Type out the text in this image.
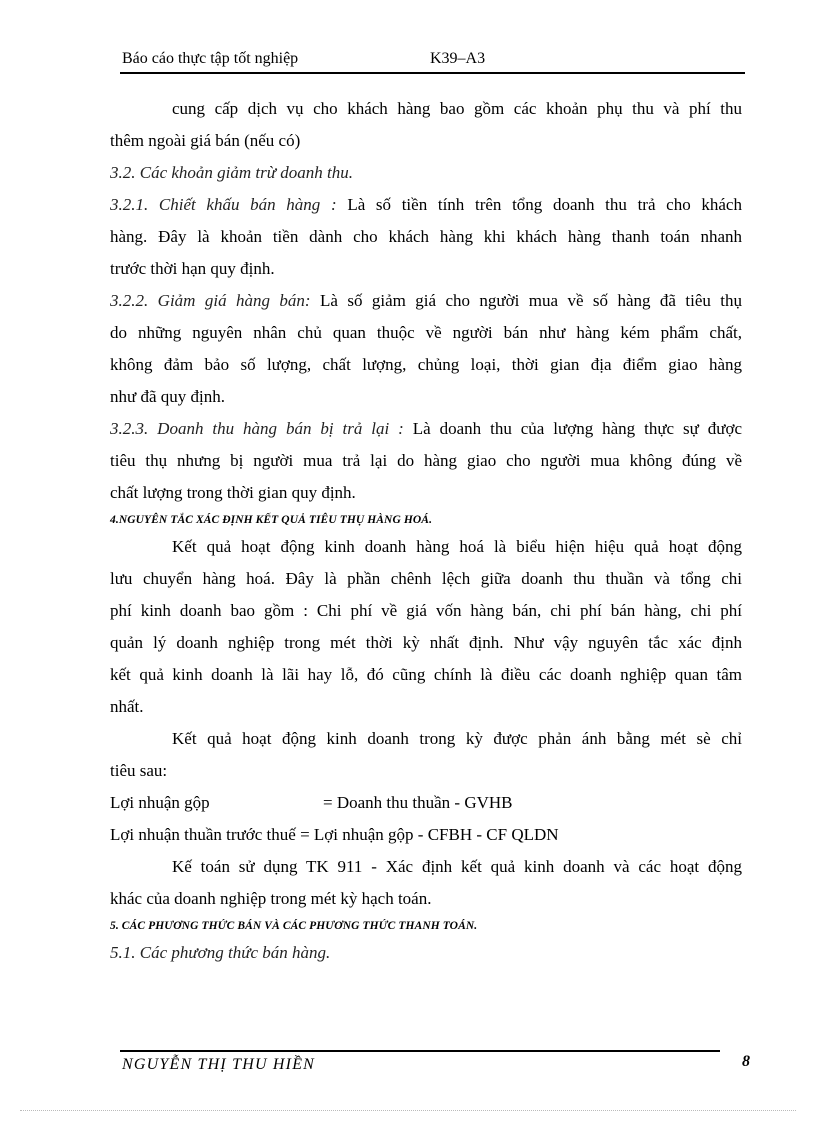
Báo cáo thực tập tốt nghiệp	K39–A3
cung cấp dịch vụ cho khách hàng bao gồm các khoản phụ thu và phí thu
thêm ngoài giá bán (nếu có)
3.2. Các khoản giảm trừ doanh thu.
3.2.1. Chiết khấu bán hàng : Là số tiền tính trên tổng doanh thu trả cho khách
hàng. Đây là khoản tiền dành cho khách hàng khi khách hàng thanh toán nhanh
trước thời hạn quy định.
3.2.2. Giảm giá hàng bán: Là số giảm giá cho người mua về số hàng đã tiêu thụ
do những nguyên nhân chủ quan thuộc về người bán như hàng kém phẩm chất,
không đảm bảo số lượng, chất lượng, chủng loại, thời gian địa điểm giao hàng
như đã quy định.
3.2.3. Doanh thu hàng bán bị trả lại : Là doanh thu của lượng hàng thực sự được
tiêu thụ nhưng bị người mua trả lại do hàng giao cho người mua không đúng về
chất lượng trong thời gian quy định.
4.NGUYÊN TẮC XÁC ĐỊNH KẾT QUẢ TIÊU THỤ HÀNG HOÁ.
Kết quả hoạt động kinh doanh hàng hoá là biểu hiện hiệu quả hoạt động
lưu chuyển hàng hoá. Đây là phần chênh lệch giữa doanh thu thuần và tổng chi
phí kinh doanh bao gồm : Chi phí về giá vốn hàng bán, chi phí bán hàng, chi phí
quản lý doanh nghiệp trong mét thời kỳ nhất định. Như vậy nguyên tắc xác định
kết quả kinh doanh là lãi hay lỗ, đó cũng chính là điều các doanh nghiệp quan tâm
nhất.
Kết quả hoạt động kinh doanh trong kỳ được phản ánh bằng mét sè chỉ
tiêu sau:
Lợi nhuận gộp	= Doanh thu thuần - GVHB
Lợi nhuận thuần trước thuế = Lợi nhuận gộp - CFBH - CF QLDN
Kế toán sử dụng TK 911 - Xác định kết quả kinh doanh và các hoạt động
khác của doanh nghiệp trong mét kỳ hạch toán.
5. CÁC PHƯƠNG THỨC BÁN VÀ CÁC PHƯƠNG THỨC THANH TOÁN.
5.1. Các phương thức bán hàng.
NGUYỄN THỊ THU HIỀN	8
